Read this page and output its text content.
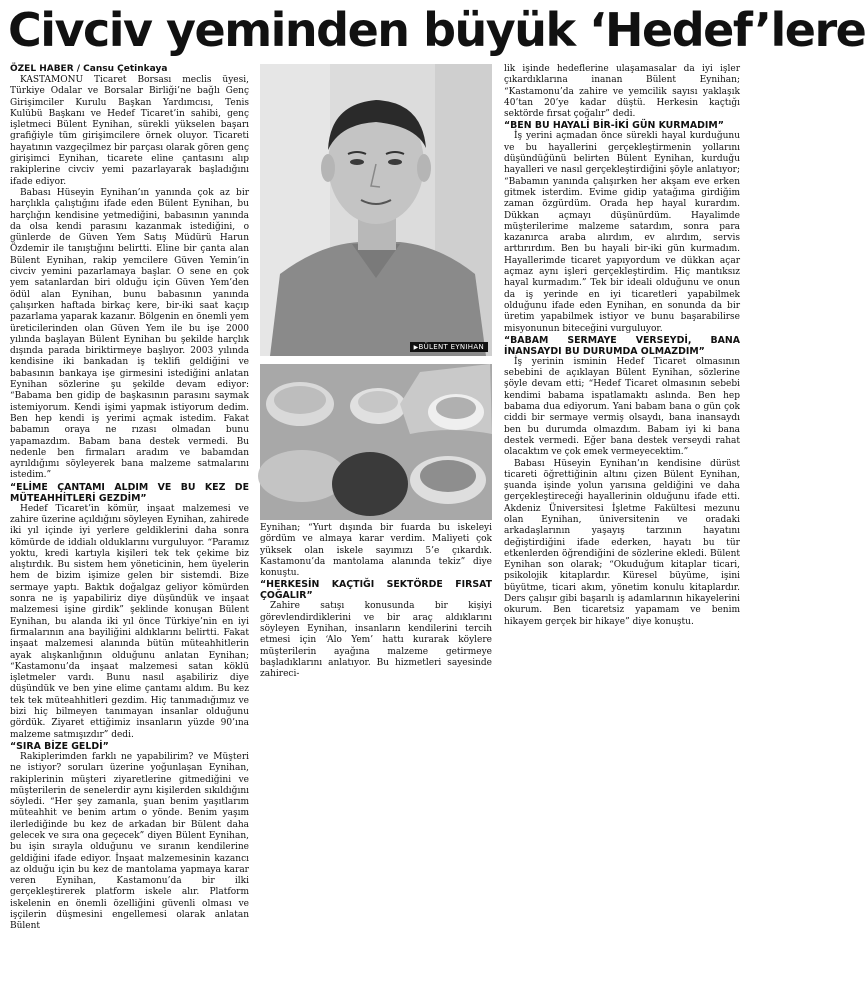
Civciv yeminden büyük ‘Hedef’lere

ÖZEL HABER / Cansu Çetinkaya

KASTAMONU Ticaret Borsası meclis üyesi, Türkiye Odalar ve Borsalar Birliği’ne bağlı Genç Girişimciler Kurulu Başkan Yardımcısı, Tenis Kulübü Başkanı ve Hedef Ticaret’in sahibi, genç işletmeci Bülent Eynihan, sürekli yükselen başarı grafiğiyle tüm girişimcilere örnek oluyor. Ticareti hayatının vazgeçilmez bir parçası olarak gören genç girişimci Eynihan, ticarete eline çantasını alıp rakiplerine civciv yemi pazarlayarak başladığını ifade ediyor.

Babası Hüseyin Eynihan’ın yanında çok az bir harçlıkla çalıştığını ifade eden Bülent Eynihan, bu harçlığın kendisine yetmediğini, babasının yanında da olsa kendi parasını kazanmak istediğini, o günlerde de Güven Yem Satış Müdürü Harun Özdemir ile tanıştığını belirtti. Eline bir çanta alan Bülent Eynihan, rakip yemcilere Güven Yemin’in civciv yemini pazarlamaya başlar. O sene en çok yem satanlardan biri olduğu için Güven Yem’den ödül alan Eynihan, bunu babasının yanında çalışırken haftada birkaç kere, bir-iki saat kaçıp pazarlama yaparak kazanır. Bölgenin en önemli yem üreticilerinden olan Güven Yem ile bu işe 2000 yılında başlayan Bülent Eynihan bu şekilde harçlık dışında parada biriktirmeye başlıyor. 2003 yılında kendisine iki bankadan iş teklifi geldiğini ve babasının bankaya işe girmesini istediğini anlatan Eynihan sözlerine şu şekilde devam ediyor: “Babama ben gidip de başkasının parasını saymak istemiyorum. Kendi işimi yapmak istiyorum dedim. Ben hep kendi iş yerimi açmak istedim. Fakat babamın oraya ne rızası olmadan bunu yapamazdım. Babam bana destek vermedi. Bu nedenle ben firmaları aradım ve babamdan ayrıldığımı söyleyerek bana malzeme satmalarını istedim.”

“ELİME ÇANTAMI ALDIM VE BU KEZ DE MÜTEAHHİTLERİ GEZDİM”

Hedef Ticaret’in kömür, inşaat malzemesi ve zahire üzerine açıldığını söyleyen Eynihan, zahirede iki yıl içinde iyi yerlere geldiklerini daha sonra kömürde de iddialı olduklarını vurguluyor. “Paramız yoktu, kredi kartıyla kişileri tek tek çekime biz alıştırdık. Bu sistem hem yöneticinin, hem üyelerin hem de bizim işimize gelen bir sistemdi. Bize sermaye yaptı. Baktık doğalgaz geliyor kömürden sonra ne iş yapabiliriz diye düşündük ve inşaat malzemesi işine girdik” şeklinde konuşan Bülent Eynihan, bu alanda iki yıl önce Türkiye’nin en iyi firmalarının ana bayiliğini aldıklarını belirtti. Fakat inşaat malzemesi alanında bütün müteahhitlerin ayak alışkanlığının olduğunu anlatan Eynihan; “Kastamonu’da inşaat malzemesi satan köklü işletmeler vardı. Bunu nasıl aşabiliriz diye düşündük ve ben yine elime çantamı aldım. Bu kez tek tek müteahhitleri gezdim. Hiç tanımadığımız ve bizi hiç bilmeyen tanımayan insanlar olduğunu gördük. Ziyaret ettiğimiz insanların yüzde 90’ına malzeme satmışızdır” dedi.

“SIRA BİZE GELDİ”

Rakiplerimden farklı ne yapabilirim? ve Müşteri ne istiyor? soruları üzerine yoğunlaşan Eynihan, rakiplerinin müşteri ziyaretlerine gitmediğini ve müşterilerin de senelerdir aynı kişilerden sıkıldığını söyledi. “Her şey zamanla, şuan benim yaşıtlarım müteahhit ve benim artım o yönde. Benim yaşım ilerlediğinde bu kez de arkadan bir Bülent daha gelecek ve sıra ona geçecek” diyen Bülent Eynihan, bu işin sırayla olduğunu ve sıranın kendilerine geldiğini ifade ediyor. İnşaat malzemesinin kazancı az olduğu için bu kez de mantolama yapmaya karar veren Eynihan, Kastamonu’da bir ilki gerçekleştirerek platform iskele alır. Platform iskelenin en önemli özelliğini güvenli olması ve işçilerin düşmesini engellemesi olarak anlatan Bülent

▶ BÜLENT EYNIHAN

Eynihan; “Yurt dışında bir fuarda bu iskeleyi gördüm ve almaya karar verdim. Maliyeti çok yüksek olan iskele sayımızı 5’e çıkardık. Kastamonu’da mantolama alanında tekiz” diye konuştu.

“HERKESİN KAÇTIĞI SEKTÖRDE FIRSAT ÇOĞALIR”

Zahire satışı konusunda bir kişiyi görevlendirdiklerini ve bir araç aldıklarını söyleyen Eynihan, insanların kendilerini tercih etmesi için ‘Alo Yem’ hattı kurarak köylere müşterilerin ayağına malzeme getirmeye başladıklarını anlatıyor. Bu hizmetleri sayesinde zahireci-

lik işinde hedeflerine ulaşamasalar da iyi işler çıkardıklarına inanan Bülent Eynihan; “Kastamonu’da zahire ve yemcilik sayısı yaklaşık 40’tan 20’ye kadar düştü. Herkesin kaçtığı sektörde fırsat çoğalır” dedi.

“BEN BU HAYALİ BİR-İKİ GÜN KURMADIM”

İş yerini açmadan önce sürekli hayal kurduğunu ve bu hayallerini gerçekleştirmenin yollarını düşündüğünü belirten Bülent Eynihan, kurduğu hayalleri ve nasıl gerçekleştirdiğini şöyle anlatıyor; “Babamın yanında çalışırken her akşam eve erken gitmek isterdim. Evime gidip yatağıma girdiğim zaman özgürdüm. Orada hep hayal kurardım. Dükkan açmayı düşünürdüm. Hayalimde müşterilerime malzeme satardım, sonra para kazanırca araba alırdım, ev alırdım, servis arttırırdım. Ben bu hayali bir-iki gün kurmadım. Hayallerimde ticaret yapıyordum ve dükkan açar açmaz aynı işleri gerçekleştirdim. Hiç mantıksız hayal kurmadım.” Tek bir ideali olduğunu ve onun da iş yerinde en iyi ticaretleri yapabilmek olduğunu ifade eden Eynihan, en sonunda da bir üretim yapabilmek istiyor ve bunu başarabilirse misyonunun biteceğini vurguluyor.

“BABAM SERMAYE VERSEYDİ, BANA İNANSAYDI BU DURUMDA OLMAZDIM”

İş yerinin isminin Hedef Ticaret olmasının sebebini de açıklayan Bülent Eynihan, sözlerine şöyle devam etti; “Hedef Ticaret olmasının sebebi kendimi babama ispatlamaktı aslında. Ben hep babama dua ediyorum. Yani babam bana o gün çok ciddi bir sermaye vermiş olsaydı, bana inansaydı ben bu durumda olmazdım. Babam iyi ki bana destek vermedi. Eğer bana destek verseydi rahat olacaktım ve çok emek vermeyecektim.”

Babası Hüseyin Eynihan’ın kendisine dürüst ticareti öğrettiğinin altını çizen Bülent Eynihan, şuanda işinde yolun yarısına geldiğini ve daha gerçekleştireceği hayallerinin olduğunu ifade etti. Akdeniz Üniversitesi İşletme Fakültesi mezunu olan Eynihan, üniversitenin ve oradaki arkadaşlarının yaşayış tarzının hayatını değiştirdiğini ifade ederken, hayatı bu tür etkenlerden öğrendiğini de sözlerine ekledi. Bülent Eynihan son olarak; “Okuduğum kitaplar ticari, psikolojik kitaplardır. Küresel büyüme, işini büyütme, ticari akım, yönetim konulu kitaplardır. Ders çalışır gibi başarılı iş adamlarının hikayelerini okurum. Ben ticaretsiz yapamam ve benim hikayem gerçek bir hikaye” diye konuştu.
